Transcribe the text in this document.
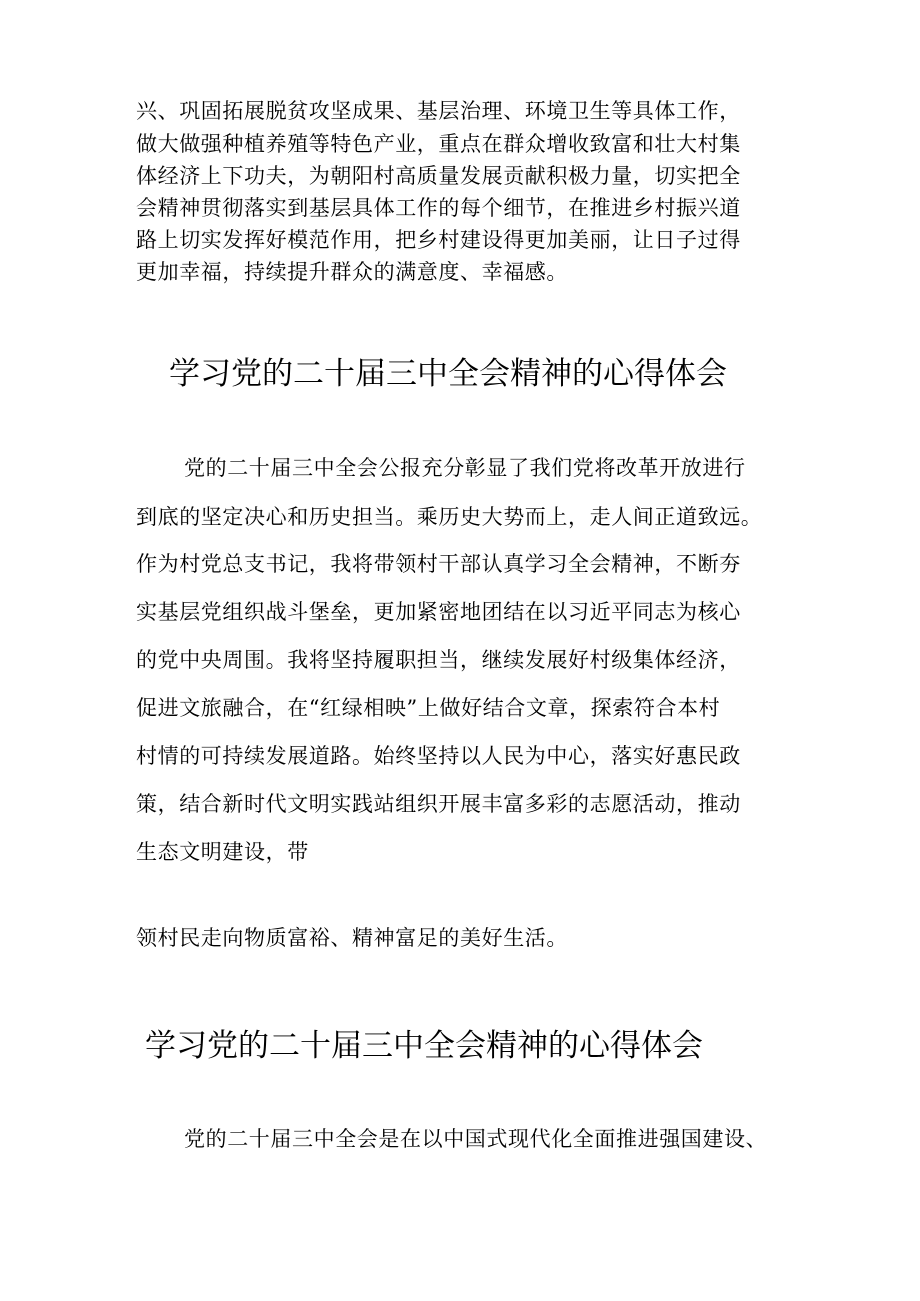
兴、巩固拓展脱贫攻坚成果、基层治理、环境卫生等具体工作，
做大做强种植养殖等特色产业，重点在群众增收致富和壮大村集
体经济上下功夫，为朝阳村高质量发展贡献积极力量，切实把全
会精神贯彻落实到基层具体工作的每个细节，在推进乡村振兴道
路上切实发挥好模范作用，把乡村建设得更加美丽，让日子过得
更加幸福，持续提升群众的满意度、幸福感。
学习党的二十届三中全会精神的心得体会
党的二十届三中全会公报充分彰显了我们党将改革开放进行
到底的坚定决心和历史担当。乘历史大势而上，走人间正道致远。
作为村党总支书记，我将带领村干部认真学习全会精神，不断夯
实基层党组织战斗堡垒，更加紧密地团结在以习近平同志为核心
的党中央周围。我将坚持履职担当，继续发展好村级集体经济，
促进文旅融合，在“红绿相映”上做好结合文章，探索符合本村
村情的可持续发展道路。始终坚持以人民为中心，落实好惠民政
策，结合新时代文明实践站组织开展丰富多彩的志愿活动，推动
生态文明建设，带
领村民走向物质富裕、精神富足的美好生活。
学习党的二十届三中全会精神的心得体会
党的二十届三中全会是在以中国式现代化全面推进强国建设、
